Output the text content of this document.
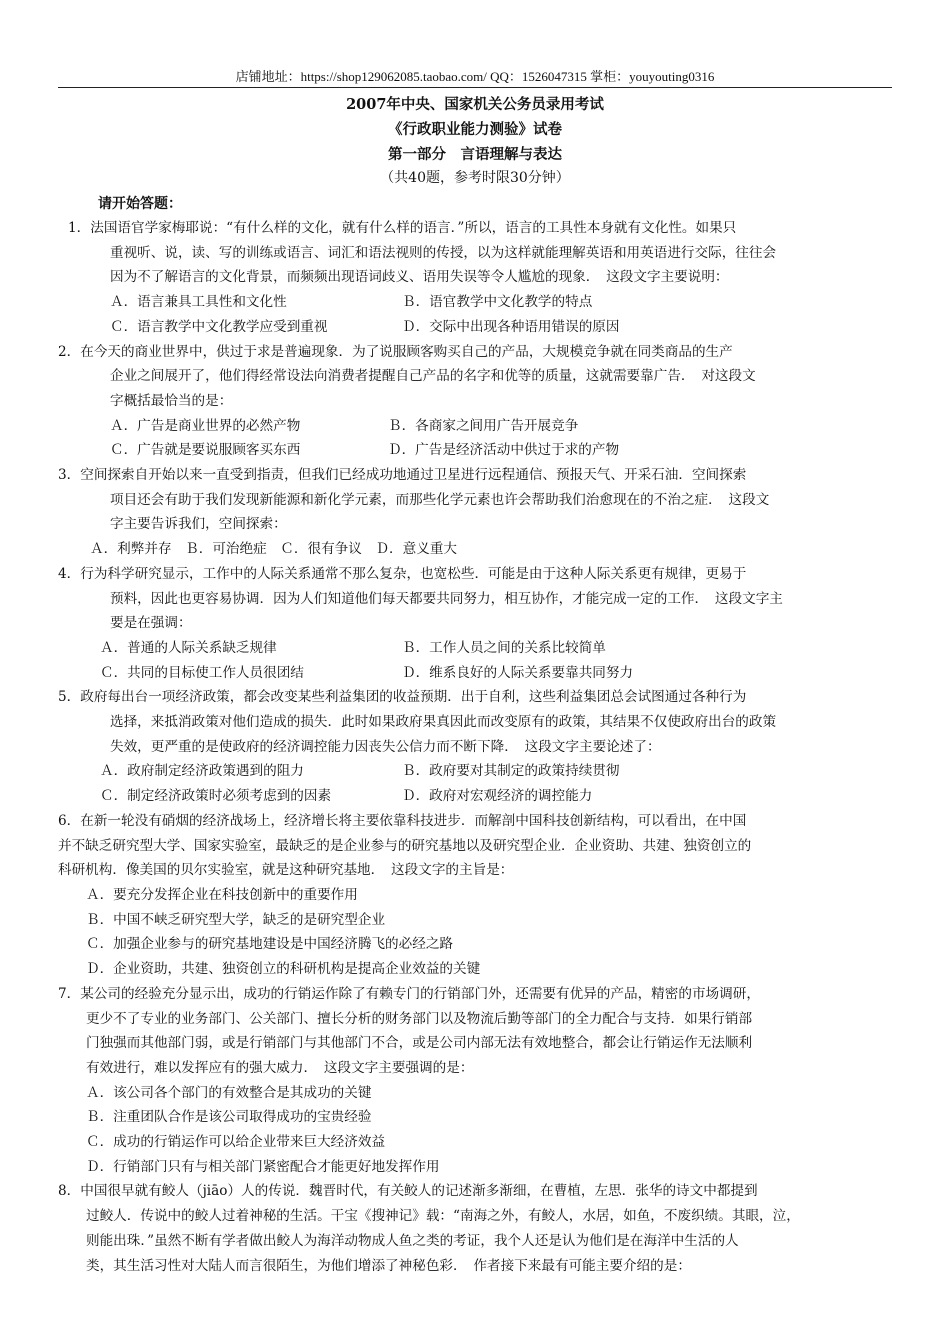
店铺地址：https://shop129062085.taobao.com/ QQ：1526047315 掌柜：youyouting0316
2007年中央、国家机关公务员录用考试
《行政职业能力测验》试卷
第一部分　言语理解与表达
（共40题，参考时限30分钟）
请开始答题：
1．法国语官学家梅耶说：“有什么样的文化，就有什么样的语言．”所以，语言的工具性本身就有文化性。如果只
重视听、说，读、写的训练或语言、词汇和语法视则的传授，以为这样就能理解英语和用英语进行交际，往往会
因为不了解语言的文化背景，而频频出现语词歧义、语用失误等令人尴尬的现象．　这段文字主要说明：
Ａ．语言兼具工具性和文化性	Ｂ．语官教学中文化教学的特点
Ｃ．语言教学中文化教学应受到重视	Ｄ．交际中出现各种语用错误的原因
2．在今天的商业世界中，供过于求是普遍现象．为了说服顾客购买自己的产品，大规模竞争就在同类商品的生产
企业之间展开了，他们得经常设法向消费者提醒自己产品的名字和优等的质量，这就需要靠广告．　对这段文
字概括最恰当的是：
Ａ．广告是商业世界的必然产物	Ｂ．各商家之间用广告开展竞争
Ｃ．广告就是要说服顾客买东西	Ｄ．广告是经济活动中供过于求的产物
3．空间探索自开始以来一直受到指责，但我们已经成功地通过卫星进行远程通信、预报天气、开采石油．空间探索
项目还会有助于我们发现新能源和新化学元素，而那些化学元素也许会帮助我们治愈现在的不治之症．　这段文
字主要告诉我们，空间探索：
Ａ．利弊并存　Ｂ．可治绝症　Ｃ．很有争议　Ｄ．意义重大
4．行为科学研究显示，工作中的人际关系通常不那么复杂，也宽松些．可能是由于这种人际关系更有规律，更易于
预料，因此也更容易协调．因为人们知道他们每天都要共同努力，相互协作，才能完成一定的工作．　这段文字主
要是在强调：
Ａ．普通的人际关系缺乏规律	Ｂ．工作人员之间的关系比较简单
Ｃ．共同的目标使工作人员很团结	Ｄ．维系良好的人际关系要靠共同努力
5．政府每出台一项经济政策，都会改变某些利益集团的收益预期．出于自利，这些利益集团总会试图通过各种行为
选择，来抵消政策对他们造成的损失．此时如果政府果真因此而改变原有的政策，其结果不仅使政府出台的政策
失效，更严重的是使政府的经济调控能力因丧失公信力而不断下降．　这段文字主要论述了：
Ａ．政府制定经济政策遇到的阻力	Ｂ．政府要对其制定的政策持续贯彻
Ｃ．制定经济政策时必须考虑到的因素	Ｄ．政府对宏观经济的调控能力
6．在新一轮没有硝烟的经济战场上，经济增长将主要依靠科技进步．而解剖中国科技创新结构，可以看出，在中国
并不缺乏研究型大学、国家实验室，最缺乏的是企业参与的研究基地以及研究型企业．企业资助、共建、独资创立的
科研机构．像美国的贝尔实验室，就是这种研究基地．　这段文字的主旨是：
Ａ．要充分发挥企业在科技创新中的重要作用
Ｂ．中国不峡乏研究型大学，缺乏的是研究型企业
Ｃ．加强企业参与的研究基地建设是中国经济腾飞的必经之路
Ｄ．企业资助，共建、独资创立的科研机构是提高企业效益的关键
7．某公司的经验充分显示出，成功的行销运作除了有赖专门的行销部门外，还需要有优异的产品，精密的市场调研，
更少不了专业的业务部门、公关部门、擅长分析的财务部门以及物流后勤等部门的全力配合与支持．如果行销部
门独强而其他部门弱，或是行销部门与其他部门不合，或是公司内部无法有效地整合，都会让行销运作无法顺利
有效进行，难以发挥应有的强大威力．　这段文字主要强调的是：
Ａ．该公司各个部门的有效整合是其成功的关键
Ｂ．注重团队合作是该公司取得成功的宝贵经验
Ｃ．成功的行销运作可以给企业带来巨大经济效益
Ｄ．行销部门只有与相关部门紧密配合才能更好地发挥作用
8．中国很早就有鲛人（jiāo）人的传说．魏晋时代，有关鲛人的记述渐多渐细，在曹植，左思．张华的诗文中都提到
过鲛人．传说中的鲛人过着神秘的生活。干宝《搜神记》载：“南海之外，有鲛人，水居，如鱼，不废织绩。其眼，泣，
则能出珠．”虽然不断有学者做出鲛人为海洋动物成人鱼之类的考证，我个人还是认为他们是在海洋中生活的人
类，其生活习性对大陆人而言很陌生，为他们增添了神秘色彩．　作者接下来最有可能主要介绍的是：
